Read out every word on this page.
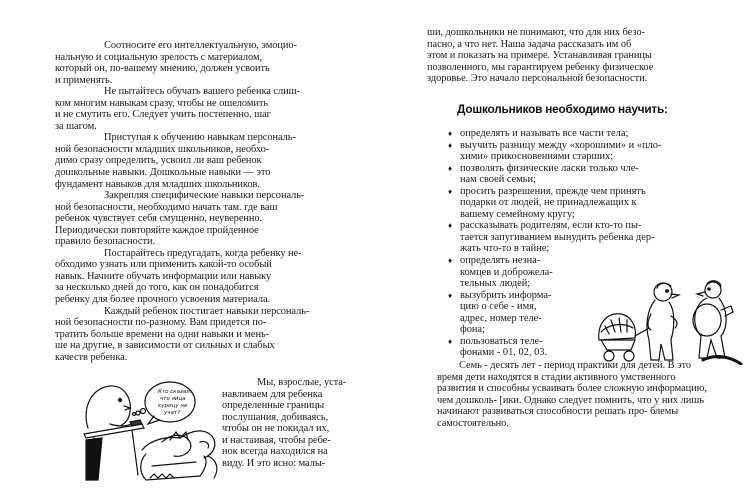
Соотносите его интеллектуальную, эмоцио-
нальную и социальную зрелость с материалом,
который он, по-вашему мнению, должен усвоить
и применять.
Не пытайтесь обучать вашего ребенка слиш-
ком многим навыкам сразу, чтобы не ошеломить
и не смутить его. Следует учить постепенно, шаг
за шагом.
Приступая к обучению навыкам персональ-
ной безопасности младших школьников, необхо-
димо сразу определить, усвоил ли ваш ребенок
дошкольные навыки. Дошкольные навыки — это
фундамент навыков для младших школьников.
Закрепляя специфические навыки персональ-
ной безопасности, необходимо начать там. где ваш
ребенок чувствует себя смущенно, неуверенно.
Периодически повторяйте каждое пройденное
правило безопасности.
Постарайтесь предугадать, когда ребенку не-
обходимо узнать или применить какой-то особый
навык. Начните обучать информации или навыку
за несколько дней до того, как он понадобится
ребенку для более прочного усвоения материала.
Каждый ребенок постигает навыки персональ-
ной безопасности по-разному. Вам придется по-
тратить больше времени на одни навыки и мень-
ше на другие, в зависимости от сильных и слабых
качеств ребенка.
Мы, взрослые, уста-
навливаем для ребенка
определенные границы
послушания, добиваясь,
чтобы он не покидал их,
и настаивая, чтобы ребе-
нок всегда находился на
виду. И это ясно: малы-
Кто сказал,
что яйца
курицу не
учат?
ши, дошкольники не понимают, что для них безо-
пасно, а что нет. Наша задача рассказать им об
этом и показать на примере. Устанавливая границы
позволенного, мы гарантируем ребенку физическое
здоровье. Это начало персональной безопасности.
Дошкольников необходимо научить:
♦ определять и называть все части тела;
♦ выучить разницу между «хорошими» и «пло-
хими» прикосновениями старших;
♦ позволять физические ласки только чле-
нам своей семьи;
♦ просить разрешения, прежде чем принять
подарки от людей, не принадлежащих к
вашему семейному кругу;
♦ рассказывать родителям, если кто-то пы-
тается запугиванием вынудить ребенка дер-
жать что-то в тайне;
♦ определять незна-
комцев и доброжела-
тельных людей;
♦ вызубрить информа-
цию о себе - имя,
адрес, номер теле-
фона;
♦ пользоваться теле-
фонами - 01, 02, 03.
Семь - десять лет - период практики для детей. В это
время дети находятся в стадии активного умственного
развития и способны усваивать более сложную информацию,
чем дошколь- [ики. Однако следует помнить, что у них лишь
начинают развиваться способности решать про- блемы
самостоятельно.
